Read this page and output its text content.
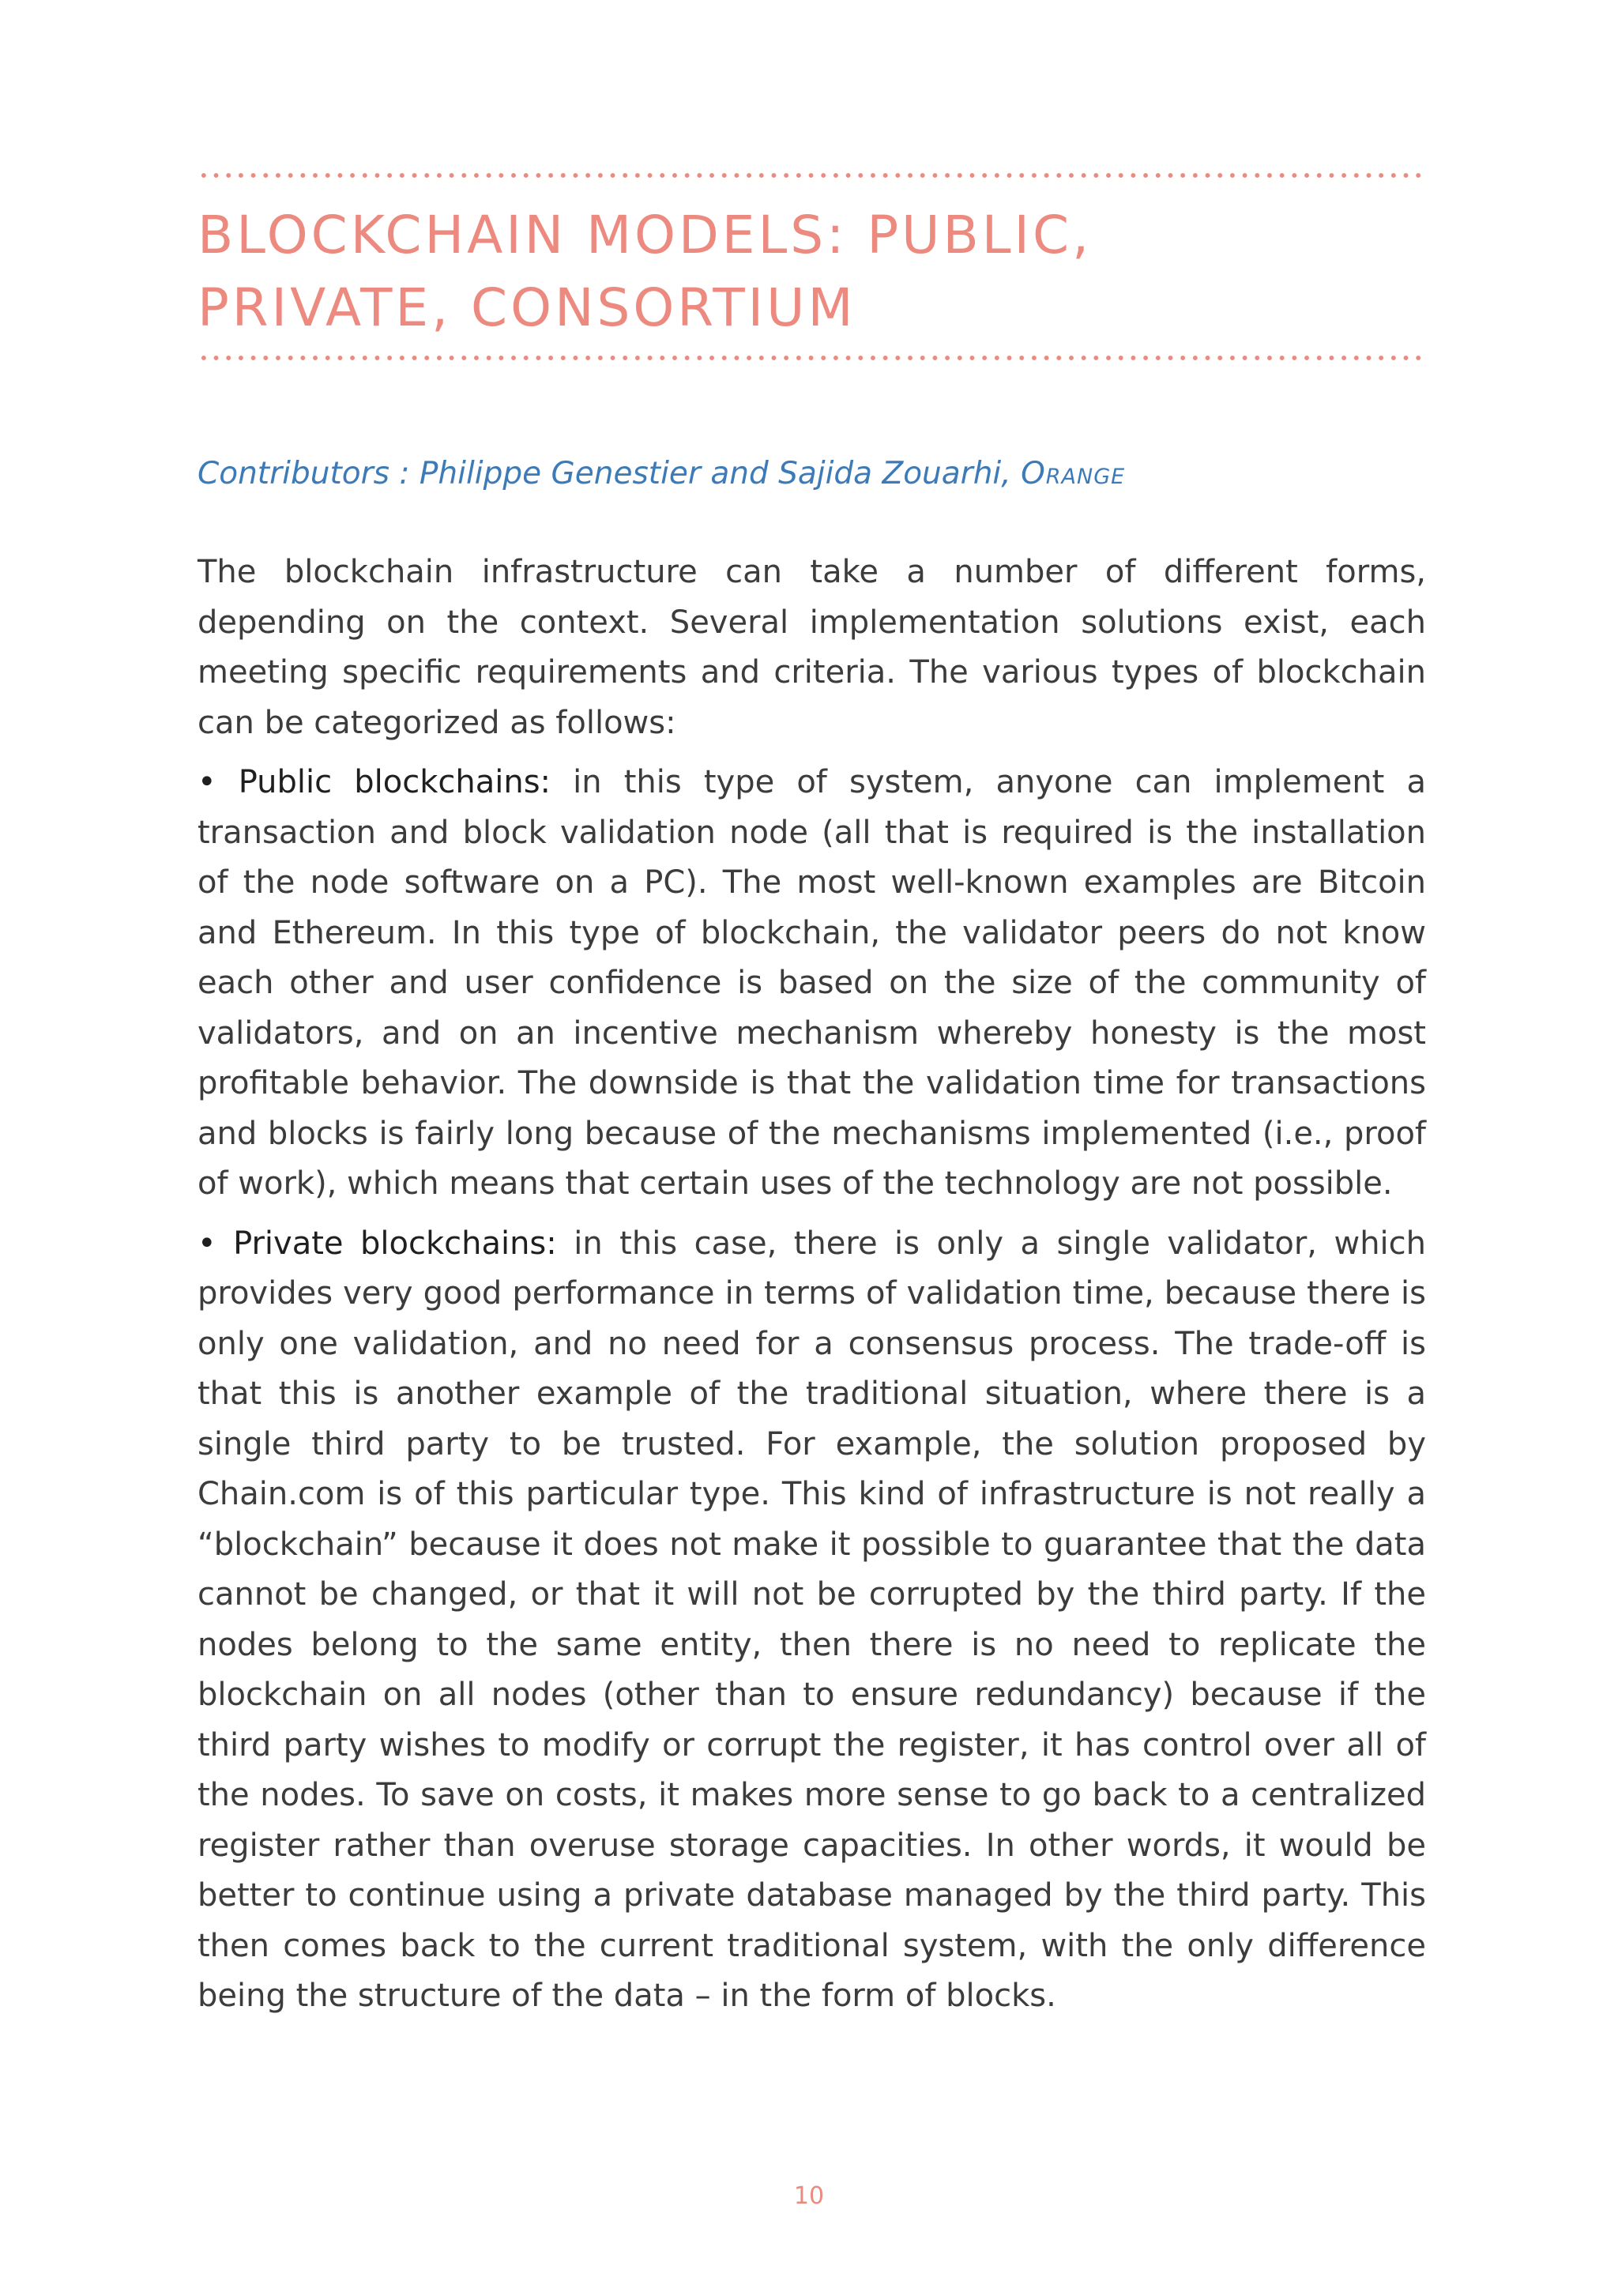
BLOCKCHAIN MODELS: PUBLIC,
PRIVATE, CONSORTIUM

Contributors : Philippe Genestier and Sajida Zouarhi, Orange

The blockchain infrastructure can take a number of different forms, depending on the context. Several implementation solutions exist, each meeting specific requirements and criteria. The various types of blockchain can be categorized as follows:

• Public blockchains: in this type of system, anyone can implement a transaction and block validation node (all that is required is the installation of the node software on a PC). The most well-known examples are Bitcoin and Ethereum. In this type of blockchain, the validator peers do not know each other and user confidence is based on the size of the community of validators, and on an incentive mechanism whereby honesty is the most profitable behavior. The downside is that the validation time for transactions and blocks is fairly long because of the mechanisms implemented (i.e., proof of work), which means that certain uses of the technology are not possible.

• Private blockchains: in this case, there is only a single validator, which provides very good performance in terms of validation time, because there is only one validation, and no need for a consensus process. The trade-off is that this is another example of the traditional situation, where there is a single third party to be trusted. For example, the solution proposed by Chain.com is of this particular type. This kind of infrastructure is not really a “blockchain” because it does not make it possible to guarantee that the data cannot be changed, or that it will not be corrupted by the third party. If the nodes belong to the same entity, then there is no need to replicate the blockchain on all nodes (other than to ensure redundancy) because if the third party wishes to modify or corrupt the register, it has control over all of the nodes. To save on costs, it makes more sense to go back to a centralized register rather than overuse storage capacities. In other words, it would be better to continue using a private database managed by the third party. This then comes back to the current traditional system, with the only difference being the structure of the data – in the form of blocks.

10
